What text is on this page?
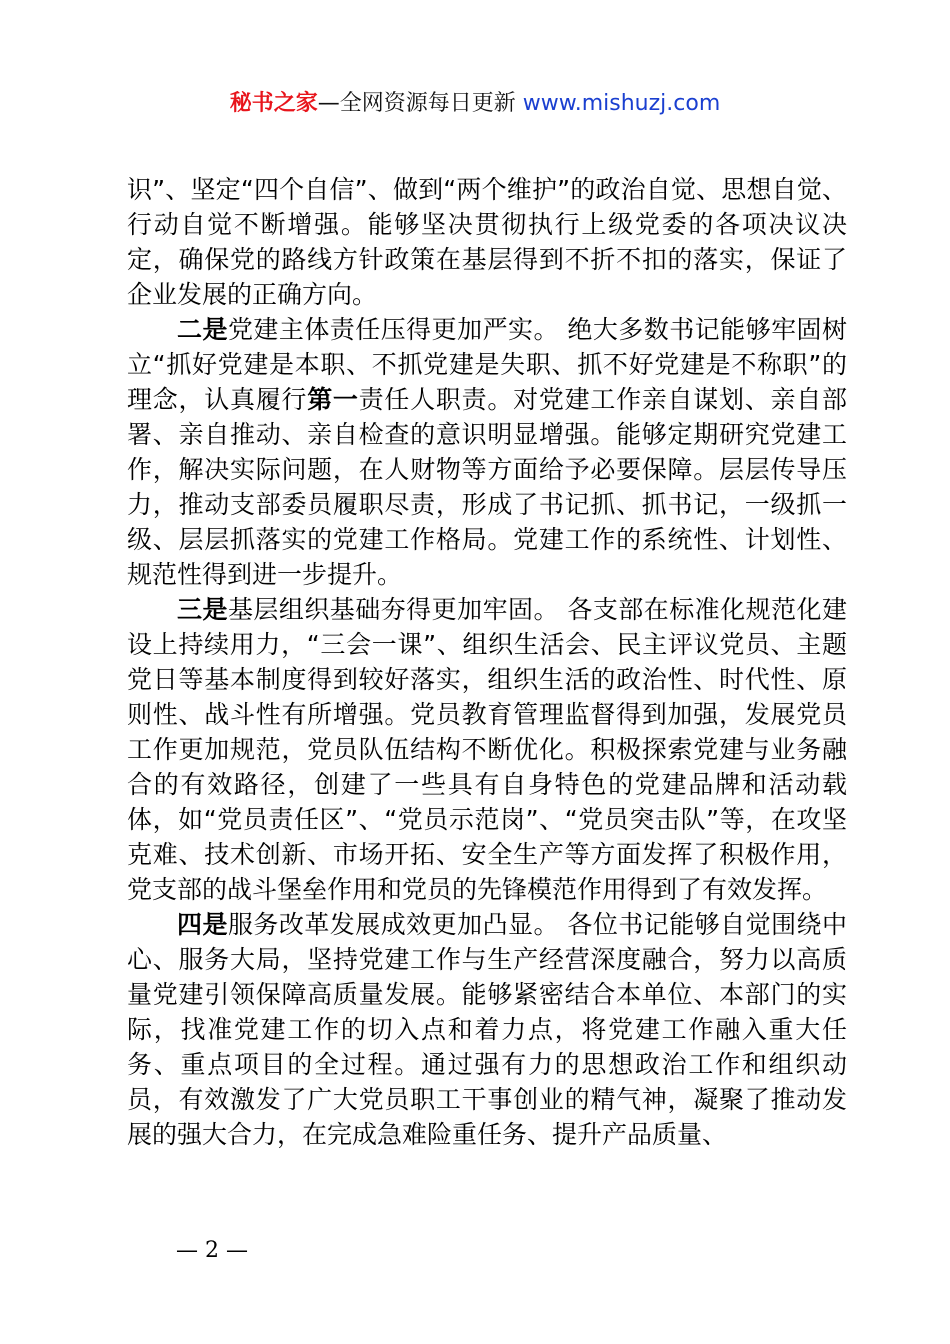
秘书之家—全网资源每日更新 www.mishuzj.com

识”、坚定“四个自信”、做到“两个维护”的政治自觉、思想自觉、行动自觉不断增强。能够坚决贯彻执行上级党委的各项决议决定，确保党的路线方针政策在基层得到不折不扣的落实，保证了企业发展的正确方向。

二是党建主体责任压得更加严实。 绝大多数书记能够牢固树立“抓好党建是本职、不抓党建是失职、抓不好党建是不称职”的理念，认真履行第一责任人职责。对党建工作亲自谋划、亲自部署、亲自推动、亲自检查的意识明显增强。能够定期研究党建工作，解决实际问题，在人财物等方面给予必要保障。层层传导压力，推动支部委员履职尽责，形成了书记抓、抓书记，一级抓一级、层层抓落实的党建工作格局。党建工作的系统性、计划性、规范性得到进一步提升。

三是基层组织基础夯得更加牢固。 各支部在标准化规范化建设上持续用力，“三会一课”、组织生活会、民主评议党员、主题党日等基本制度得到较好落实，组织生活的政治性、时代性、原则性、战斗性有所增强。党员教育管理监督得到加强，发展党员工作更加规范，党员队伍结构不断优化。积极探索党建与业务融合的有效路径，创建了一些具有自身特色的党建品牌和活动载体，如“党员责任区”、“党员示范岗”、“党员突击队”等，在攻坚克难、技术创新、市场开拓、安全生产等方面发挥了积极作用，党支部的战斗堡垒作用和党员的先锋模范作用得到了有效发挥。

四是服务改革发展成效更加凸显。 各位书记能够自觉围绕中心、服务大局，坚持党建工作与生产经营深度融合，努力以高质量党建引领保障高质量发展。能够紧密结合本单位、本部门的实际，找准党建工作的切入点和着力点，将党建工作融入重大任务、重点项目的全过程。通过强有力的思想政治工作和组织动员，有效激发了广大党员职工干事创业的精气神，凝聚了推动发展的强大合力，在完成急难险重任务、提升产品质量、

— 2 —
